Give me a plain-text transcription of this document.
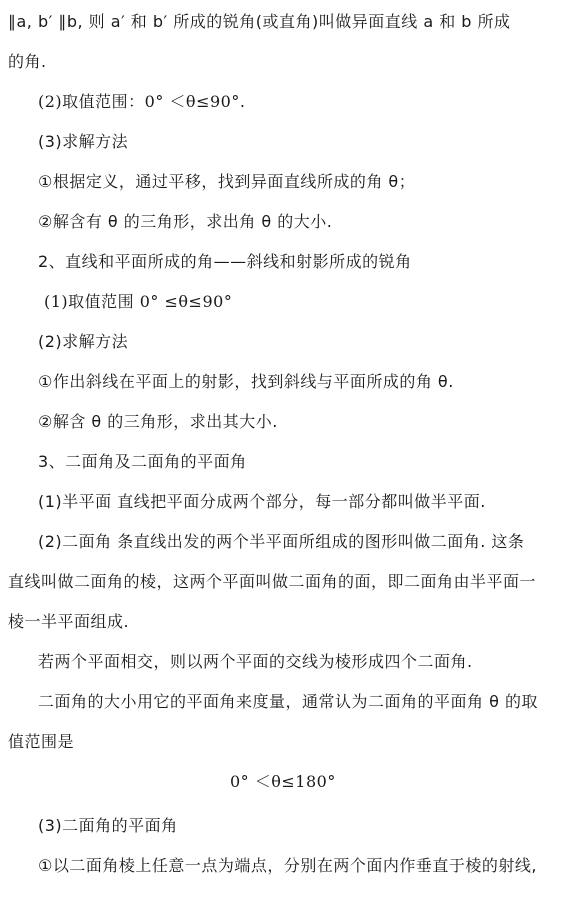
∥a, b′ ∥b, 则 a′ 和 b′ 所成的锐角(或直角)叫做异面直线 a 和 b 所成
的角.
(2)取值范围：0° ＜θ≤90°.
(3)求解方法
①根据定义，通过平移，找到异面直线所成的角 θ；
②解含有 θ 的三角形，求出角 θ 的大小.
2、直线和平面所成的角——斜线和射影所成的锐角
(1)取值范围 0° ≤θ≤90°
(2)求解方法
①作出斜线在平面上的射影，找到斜线与平面所成的角 θ.
②解含 θ 的三角形，求出其大小.
3、二面角及二面角的平面角
(1)半平面 直线把平面分成两个部分，每一部分都叫做半平面.
(2)二面角 条直线出发的两个半平面所组成的图形叫做二面角. 这条
直线叫做二面角的棱，这两个平面叫做二面角的面，即二面角由半平面一
棱一半平面组成.
若两个平面相交，则以两个平面的交线为棱形成四个二面角.
二面角的大小用它的平面角来度量，通常认为二面角的平面角 θ 的取
值范围是
0° ＜θ≤180°
(3)二面角的平面角
①以二面角棱上任意一点为端点，分别在两个面内作垂直于棱的射线,
